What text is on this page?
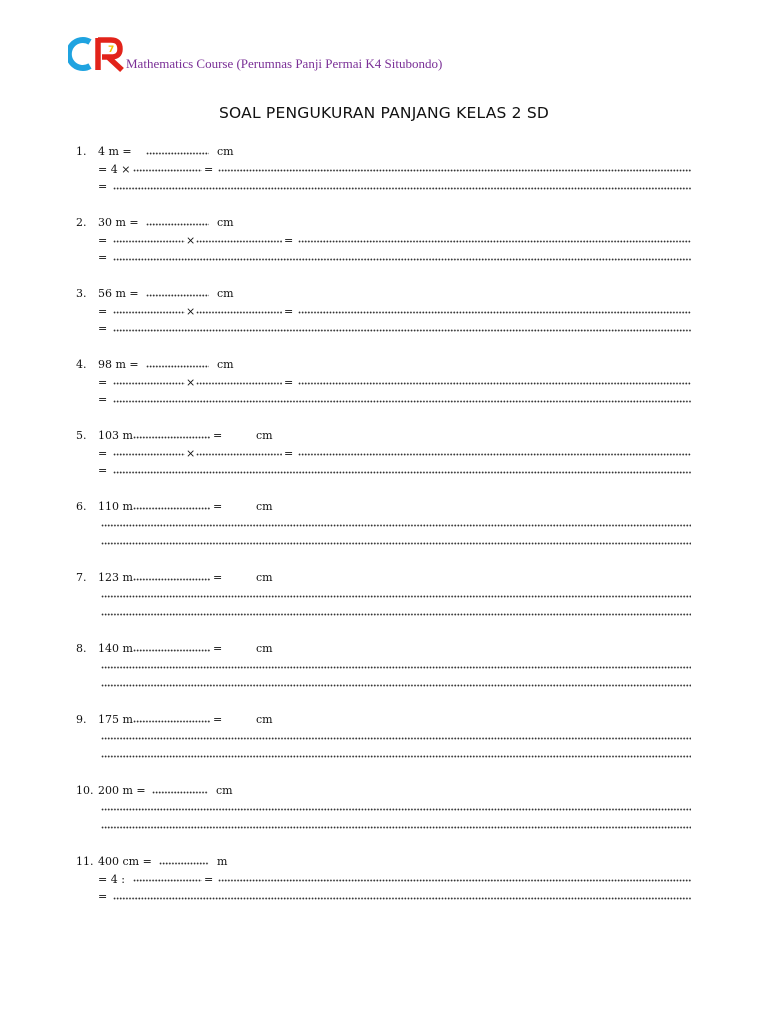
7
Mathematics Course (Perumnas Panji Permai K4 Situbondo)
SOAL PENGUKURAN PANJANG KELAS 2 SD
1. 4 m =	cm
= 4 ×	=
=
2. 30 m =	cm
=	×	=
=
3. 56 m =	cm
=	×	=
=
4. 98 m =	cm
=	×	=
=
5. 103 m	=	cm
=	×	=
=
6. 110 m	=	cm
7. 123 m	=	cm
8. 140 m	=	cm
9. 175 m	=	cm
10. 200 m =	cm
11. 400 cm =	m
= 4 :	=
=
